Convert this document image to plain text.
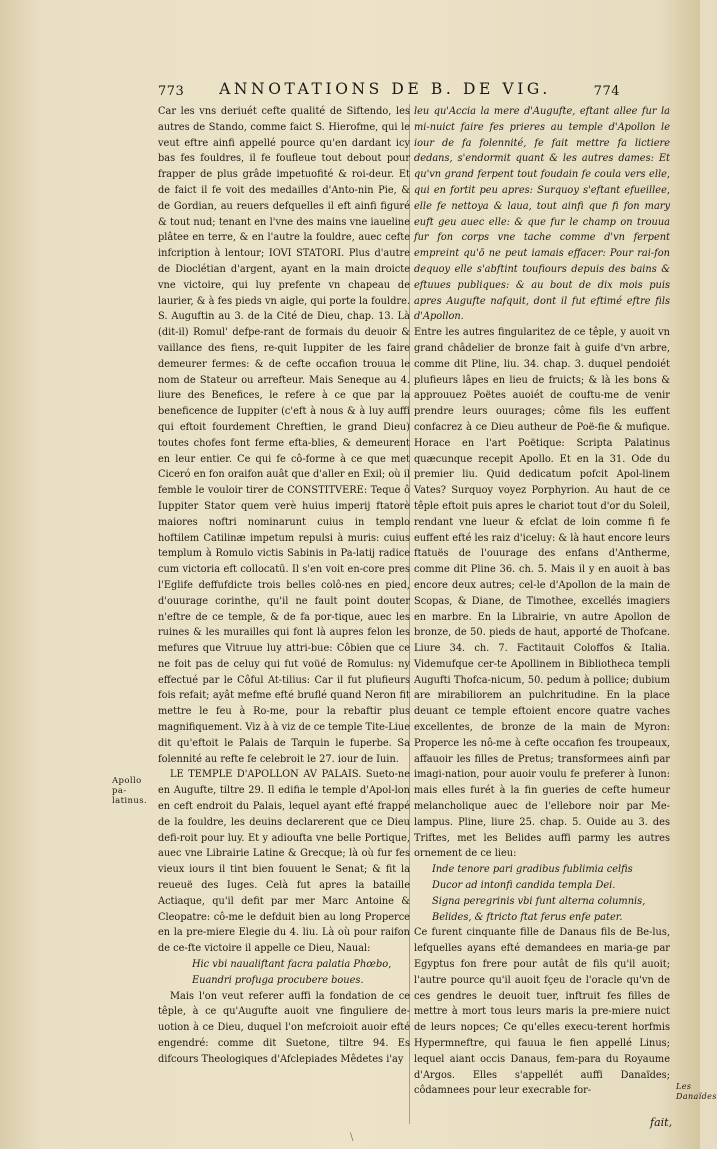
773	ANNOTATIONS DE B. DE VIG.	774

Car les vns deriuét cefte qualité de Siftendo, les autres de Stando, comme faict S. Hierofme, qui le veut eftre ainfi appellé pource qu'en dardant icy bas fes fouldres, il fe foufleue tout debout pour frapper de plus grâde impetuofité & roi-deur. Et de faict il fe voit des medailles d'Anto-nin Pie, & de Gordian, au reuers defquelles il eft ainfi figuré & tout nud; tenant en l'vne des mains vne iaueline plâtee en terre, & en l'autre la fouldre, auec cefte infcription à lentour; IOVI STATORI. Plus d'autre de Dioclétian d'argent, ayant en la main droicte vne victoire, qui luy prefente vn chapeau de laurier, & à fes pieds vn aigle, qui porte la fouldre. S. Auguftin au 3. de la Cité de Dieu, chap. 13. Là (dit-il) Romul' defpe-rant de formais du deuoir & vaillance des fiens, re-quit Iuppiter de les faire demeurer fermes: & de cefte occafion trouua le nom de Stateur ou arrefteur. Mais Seneque au 4. liure des Benefices, le refere à ce que par la beneficence de Iuppiter (c'eft à nous & à luy auffi qui eftoit fourdement Chreftien, le grand Dieu) toutes chofes font ferme efta-blies, & demeurent en leur entier. Ce qui fe cô-forme à ce que met Ciceró en fon oraifon auât que d'aller en Exil; où il femble le vouloir tirer de CONSTITVERE: Teque ô Iuppiter Stator quem verè huius imperij ftatorè maiores noftri nominarunt cuius in templo hoftilem Catilinæ impetum repulsi à muris: cuius templum à Romulo victis Sabinis in Pa-latij radice cum victoria eft collocatū. Il s'en voit en-core pres l'Eglife deffufdicte trois belles colô-nes en pied, d'ouurage corinthe, qu'il ne fault point douter n'eftre de ce temple, & de fa por-tique, auec les ruines & les murailles qui font là aupres felon les mefures que Vitruue luy attri-bue: Côbien que ce ne foit pas de celuy qui fut voüé de Romulus: ny effectué par le Côful At-tilius: Car il fut plufieurs fois refait; ayât mefme efté bruflé quand Neron fit mettre le feu à Ro-me, pour la rebaftir plus magnifiquement. Viz à à viz de ce temple Tite-Liue dit qu'eftoit le Palais de Tarquin le fuperbe. Sa folennité au refte fe celebroit le 27. iour de Iuin.

LE TEMPLE D'APOLLON AV PALAIS. Sueto-ne en Augufte, tiltre 29. Il edifia le temple d'Apol-lon en ceft endroit du Palais, lequel ayant efté frappé de la fouldre, les deuins declarerent que ce Dieu defi-roit pour luy. Et y adioufta vne belle Portique, auec vne Librairie Latine & Grecque; là où fur fes vieux iours il tint bien fouuent le Senat; & fit la reueuë des Iuges. Celà fut apres la bataille Actiaque, qu'il defit par mer Marc Antoine & Cleopatre: cô-me le defduit bien au long Properce en la pre-miere Elegie du 4. liu. Là où pour raifon de ce-fte victoire il appelle ce Dieu, Naual:

Hic vbi naualiftant facra palatia Phœbo,

Euandri profuga procubere boues.

Mais l'on veut referer auffi la fondation de ce têple, à ce qu'Augufte auoit vne finguliere de-uotion à ce Dieu, duquel l'on mefcroioit auoir efté engendré: comme dit Suetone, tiltre 94. Es difcours Theologiques d'Afclepiades Mêdetes i'ay

leu qu'Accia la mere d'Augufte, eftant allee fur la mi-nuict faire fes prieres au temple d'Apollon le iour de fa folennité, fe fait mettre fa lictiere dedans, s'endormit quant & les autres dames: Et qu'vn grand ferpent tout foudain fe coula vers elle, qui en fortit peu apres: Surquoy s'eftant efueillee, elle fe nettoya & laua, tout ainfi que fi fon mary euft geu auec elle: & que fur le champ on trouua fur fon corps vne tache comme d'vn ferpent empreint qu'ō ne peut iamais effacer: Pour rai-fon dequoy elle s'abftint toufiours depuis des bains & eftuues publiques: & au bout de dix mois puis apres Augufte nafquit, dont il fut eftimé eftre fils d'Apollon.

Entre les autres fingularitez de ce têple, y auoit vn grand châdelier de bronze fait à guife d'vn arbre, comme dit Pline, liu. 34. chap. 3. duquel pendoiét plufieurs lâpes en lieu de fruicts; & là les bons & approuuez Poëtes auoiét de couftu-me de venir prendre leurs ouurages; côme fils les euffent confacrez à ce Dieu autheur de Poë-fie & mufique. Horace en l'art Poëtique: Scripta Palatinus quæcunque recepit Apollo. Et en la 31. Ode du premier liu. Quid dedicatum pofcit Apol-linem Vates? Surquoy voyez Porphyrion. Au haut de ce têple eftoit puis apres le chariot tout d'or du Soleil, rendant vne lueur & efclat de loin comme fi fe euffent efté les raiz d'iceluy: & là haut encore leurs ftatuës de l'ouurage des enfans d'Antherme, comme dit Pline 36. ch. 5. Mais il y en auoit à bas encore deux autres; cel-le d'Apollon de la main de Scopas, & Diane, de Timothee, excellés imagiers en marbre. En la Librairie, vn autre Apollon de bronze, de 50. pieds de haut, apporté de Thofcane. Liure 34. ch. 7. Factitauit Coloffos & Italia. Videmufque cer-te Apollinem in Bibliotheca templi Augufti Thofca-nicum, 50. pedum à pollice; dubium are mirabiliorem an pulchritudine. En la place deuant ce temple eftoient encore quatre vaches excellentes, de bronze de la main de Myron: Properce les nô-me à cefte occafion fes troupeaux, affauoir les filles de Pretus; transformees ainfi par imagi-nation, pour auoir voulu fe preferer à Iunon: mais elles furét à la fin gueries de cefte humeur melancholique auec de l'ellebore noir par Me-lampus. Pline, liure 25. chap. 5. Ouide au 3. des Triftes, met les Belides auffi parmy les autres ornement de ce lieu:

Inde tenore pari gradibus fublimia celfis

Ducor ad intonfi candida templa Dei.

Signa peregrinis vbi funt alterna columnis,

Belides, & ftricto ftat ferus enfe pater.

Ce furent cinquante fille de Danaus fils de Be-lus, lefquelles ayans efté demandees en maria-ge par Egyptus fon frere pour autât de fils qu'il auoit; l'autre pource qu'il auoit fçeu de l'oracle qu'vn de ces gendres le deuoit tuer, inftruit fes filles de mettre à mort tous leurs maris la pre-miere nuict de leurs nopces; Ce qu'elles execu-terent horfmis Hypermneftre, qui fauua le fien appellé Linus; lequel aiant occis Danaus, fem-para du Royaume d'Argos. Elles s'appellét auffi Danaïdes; côdamnees pour leur execrable for-

Apollo pa-latinus.
Les Danaïdes
fait,
\
